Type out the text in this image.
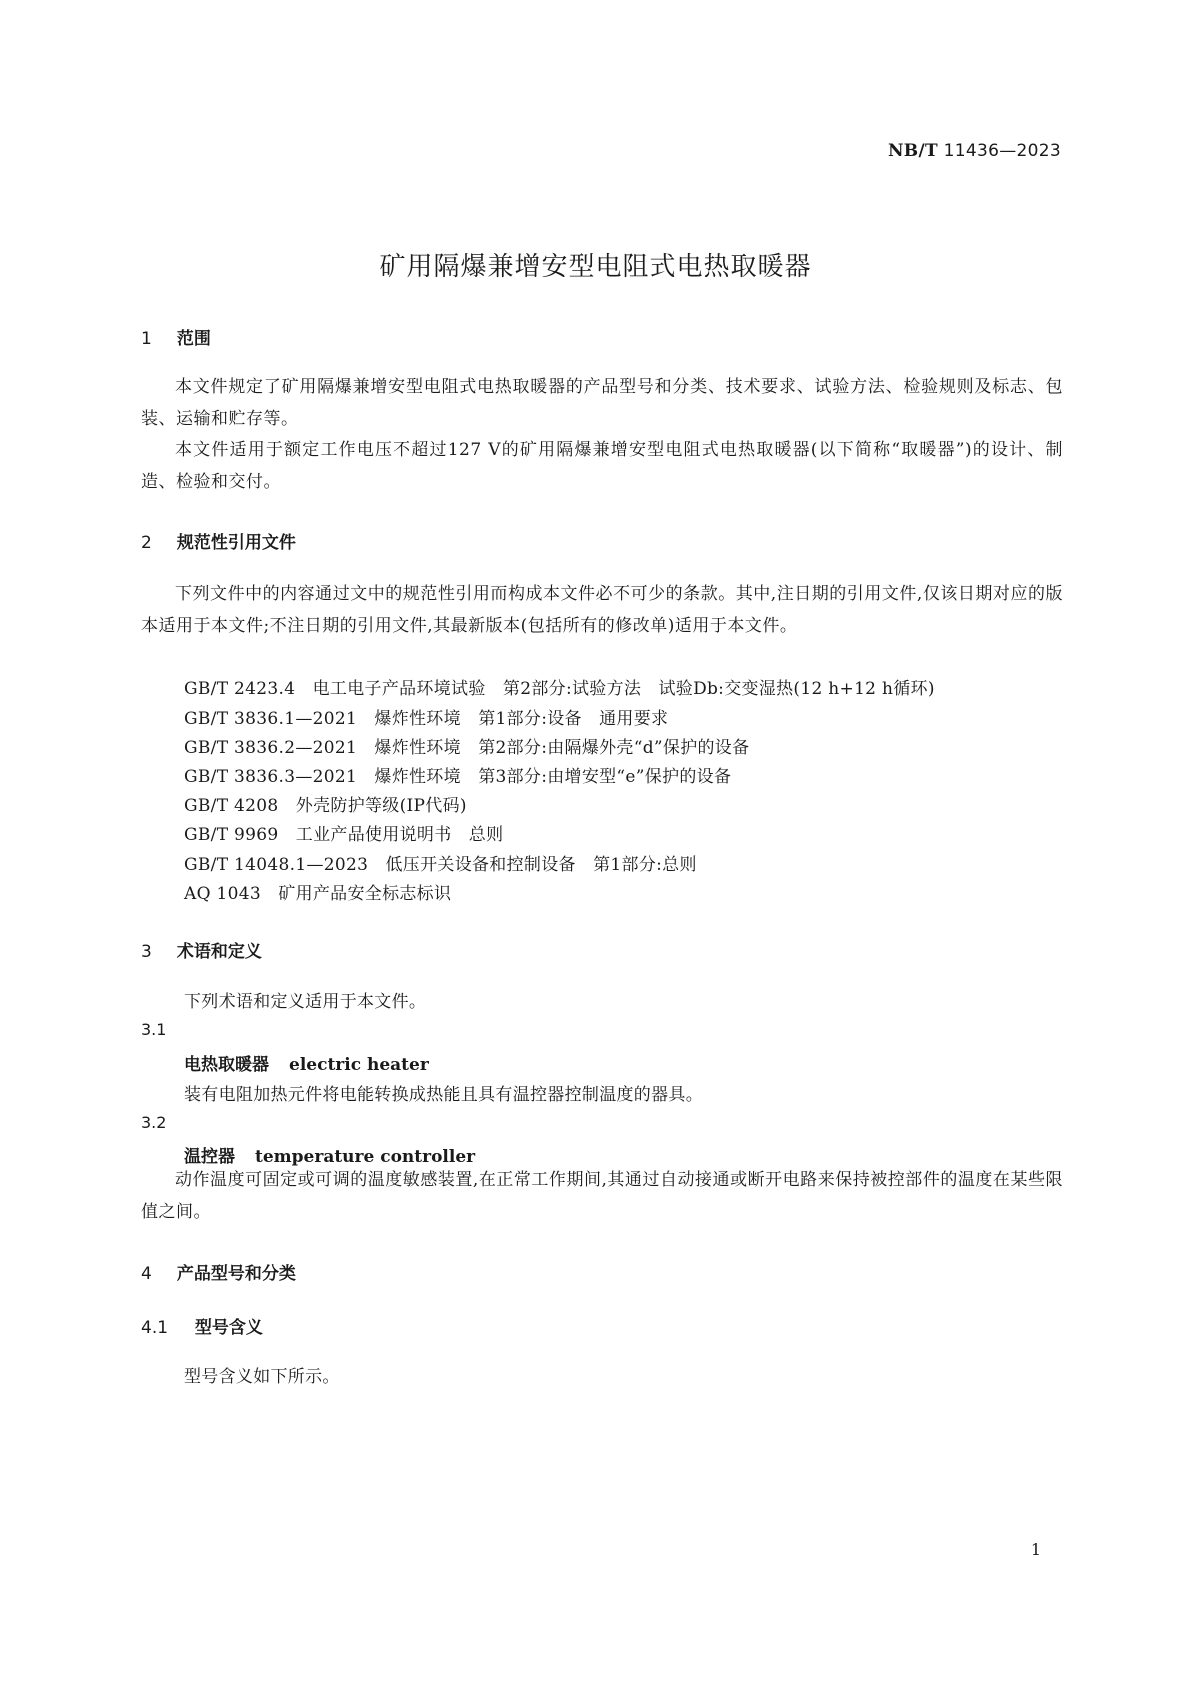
NB/T 11436—2023
矿用隔爆兼增安型电阻式电热取暖器
1 范围

本文件规定了矿用隔爆兼增安型电阻式电热取暖器的产品型号和分类、技术要求、试验方法、检验规则及标志、包装、运输和贮存等。

本文件适用于额定工作电压不超过127 V的矿用隔爆兼增安型电阻式电热取暖器(以下简称“取暖器”)的设计、制造、检验和交付。

2 规范性引用文件

下列文件中的内容通过文中的规范性引用而构成本文件必不可少的条款。其中,注日期的引用文件,仅该日期对应的版本适用于本文件;不注日期的引用文件,其最新版本(包括所有的修改单)适用于本文件。

GB/T 2423.4　电工电子产品环境试验　第2部分:试验方法　试验Db:交变湿热(12 h+12 h循环)
GB/T 3836.1—2021　爆炸性环境　第1部分:设备　通用要求
GB/T 3836.2—2021　爆炸性环境　第2部分:由隔爆外壳“d”保护的设备
GB/T 3836.3—2021　爆炸性环境　第3部分:由增安型“e”保护的设备
GB/T 4208　外壳防护等级(IP代码)
GB/T 9969　工业产品使用说明书　总则
GB/T 14048.1—2023　低压开关设备和控制设备　第1部分:总则
AQ 1043　矿用产品安全标志标识
3 术语和定义
下列术语和定义适用于本文件。
3.1
电热取暖器 electric heater
装有电阻加热元件将电能转换成热能且具有温控器控制温度的器具。
3.2
温控器 temperature controller

动作温度可固定或可调的温度敏感装置,在正常工作期间,其通过自动接通或断开电路来保持被控部件的温度在某些限值之间。

4 产品型号和分类
4.1 型号含义
型号含义如下所示。
1
